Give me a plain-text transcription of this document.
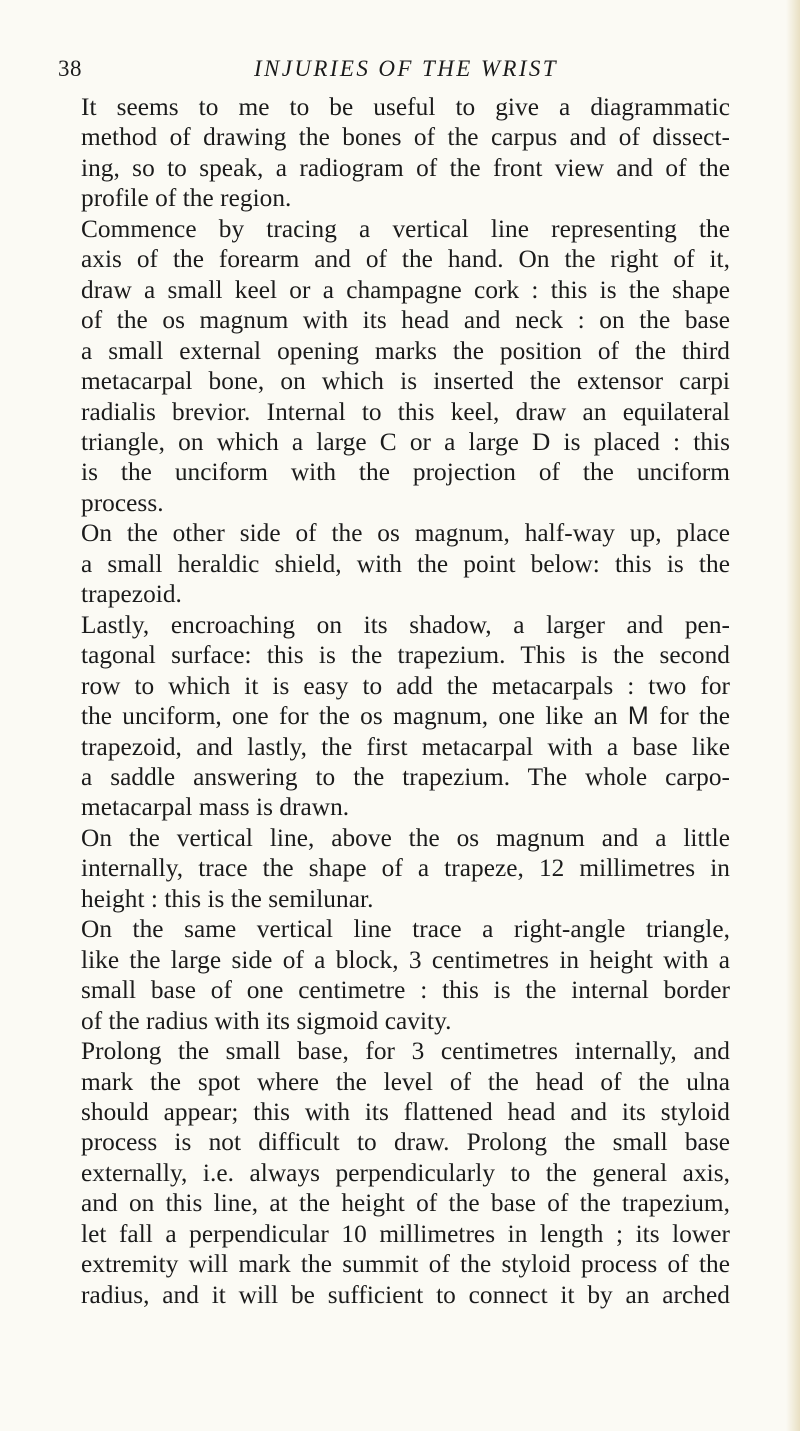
38	INJURIES OF THE WRIST

It seems to me to be useful to give a diagrammatic
method of drawing the bones of the carpus and of dissect-
ing, so to speak, a radiogram of the front view and of the
profile of the region.

Commence by tracing a vertical line representing the
axis of the forearm and of the hand. On the right of it,
draw a small keel or a champagne cork : this is the shape
of the os magnum with its head and neck : on the base
a small external opening marks the position of the third
metacarpal bone, on which is inserted the extensor carpi
radialis brevior. Internal to this keel, draw an equilateral
triangle, on which a large C or a large D is placed : this
is the unciform with the projection of the unciform
process.

On the other side of the os magnum, half-way up, place
a small heraldic shield, with the point below: this is the
trapezoid.

Lastly, encroaching on its shadow, a larger and pen-
tagonal surface: this is the trapezium. This is the second
row to which it is easy to add the metacarpals : two for
the unciform, one for the os magnum, one like an M for the
trapezoid, and lastly, the first metacarpal with a base like
a saddle answering to the trapezium. The whole carpo-
metacarpal mass is drawn.

On the vertical line, above the os magnum and a little
internally, trace the shape of a trapeze, 12 millimetres in
height : this is the semilunar.

On the same vertical line trace a right-angle triangle,
like the large side of a block, 3 centimetres in height with a
small base of one centimetre : this is the internal border
of the radius with its sigmoid cavity.

Prolong the small base, for 3 centimetres internally, and
mark the spot where the level of the head of the ulna
should appear; this with its flattened head and its styloid
process is not difficult to draw. Prolong the small base
externally, i.e. always perpendicularly to the general axis,
and on this line, at the height of the base of the trapezium,
let fall a perpendicular 10 millimetres in length ; its lower
extremity will mark the summit of the styloid process of the
radius, and it will be sufficient to connect it by an arched
